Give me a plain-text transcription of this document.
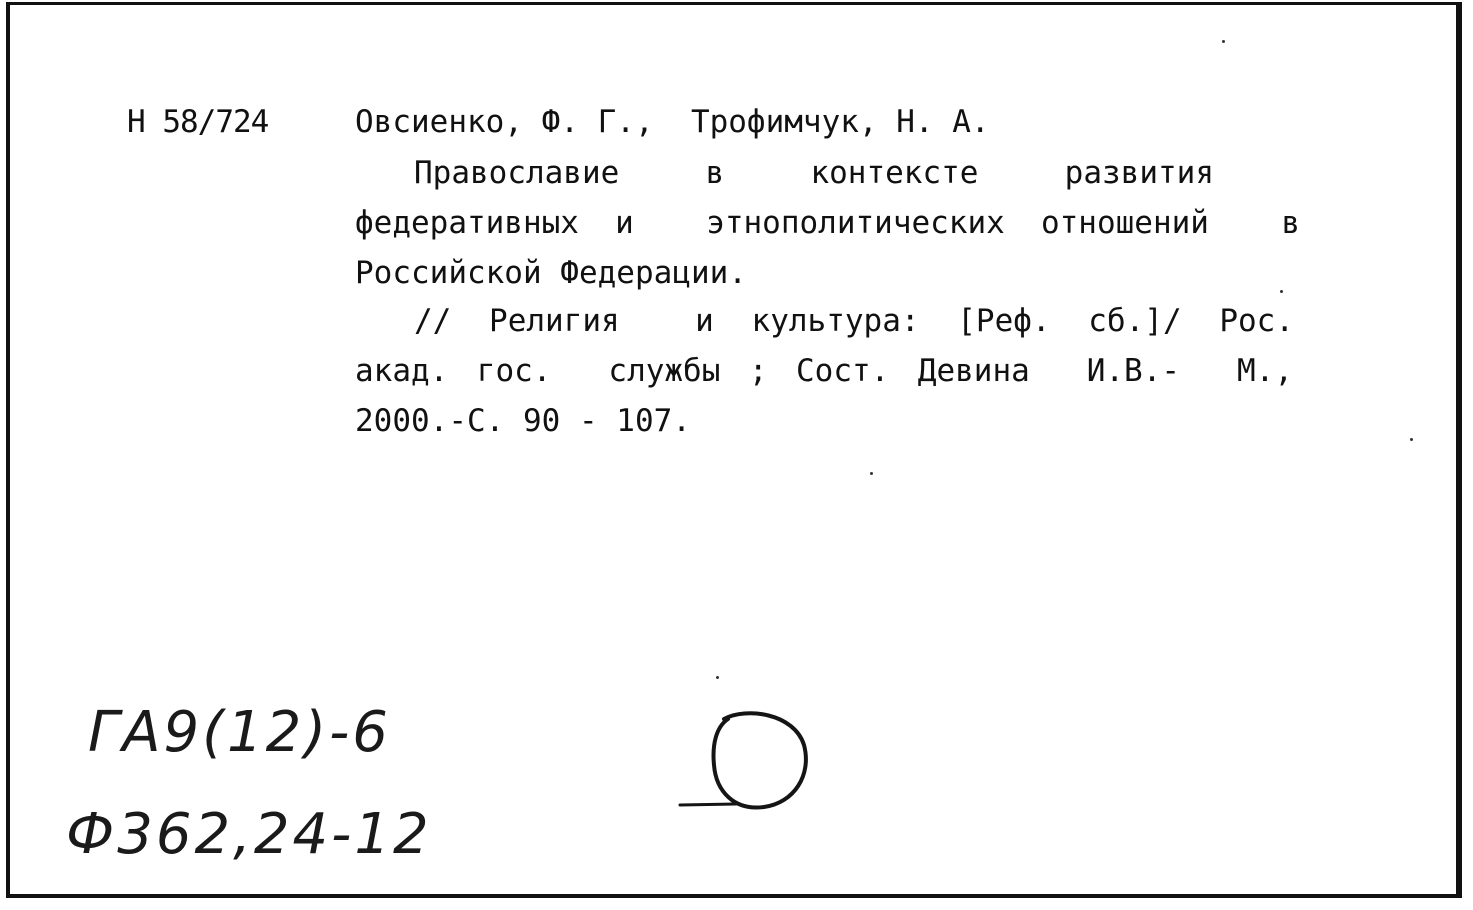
Н 58/724	Овсиенко, Ф. Г.,  Трофимчук, Н. А.
Православие  в  контексте  развития
федеративных и  этнополитических отношений  в
Российской Федерации.
// Религия  и культура: [Реф. сб.]/ Рос.
акад. гос.  службы ; Сост. Девина  И.В.-  М.,
2000.-С. 90 - 107.
ГА9(12)-6
Ф362,24-12
